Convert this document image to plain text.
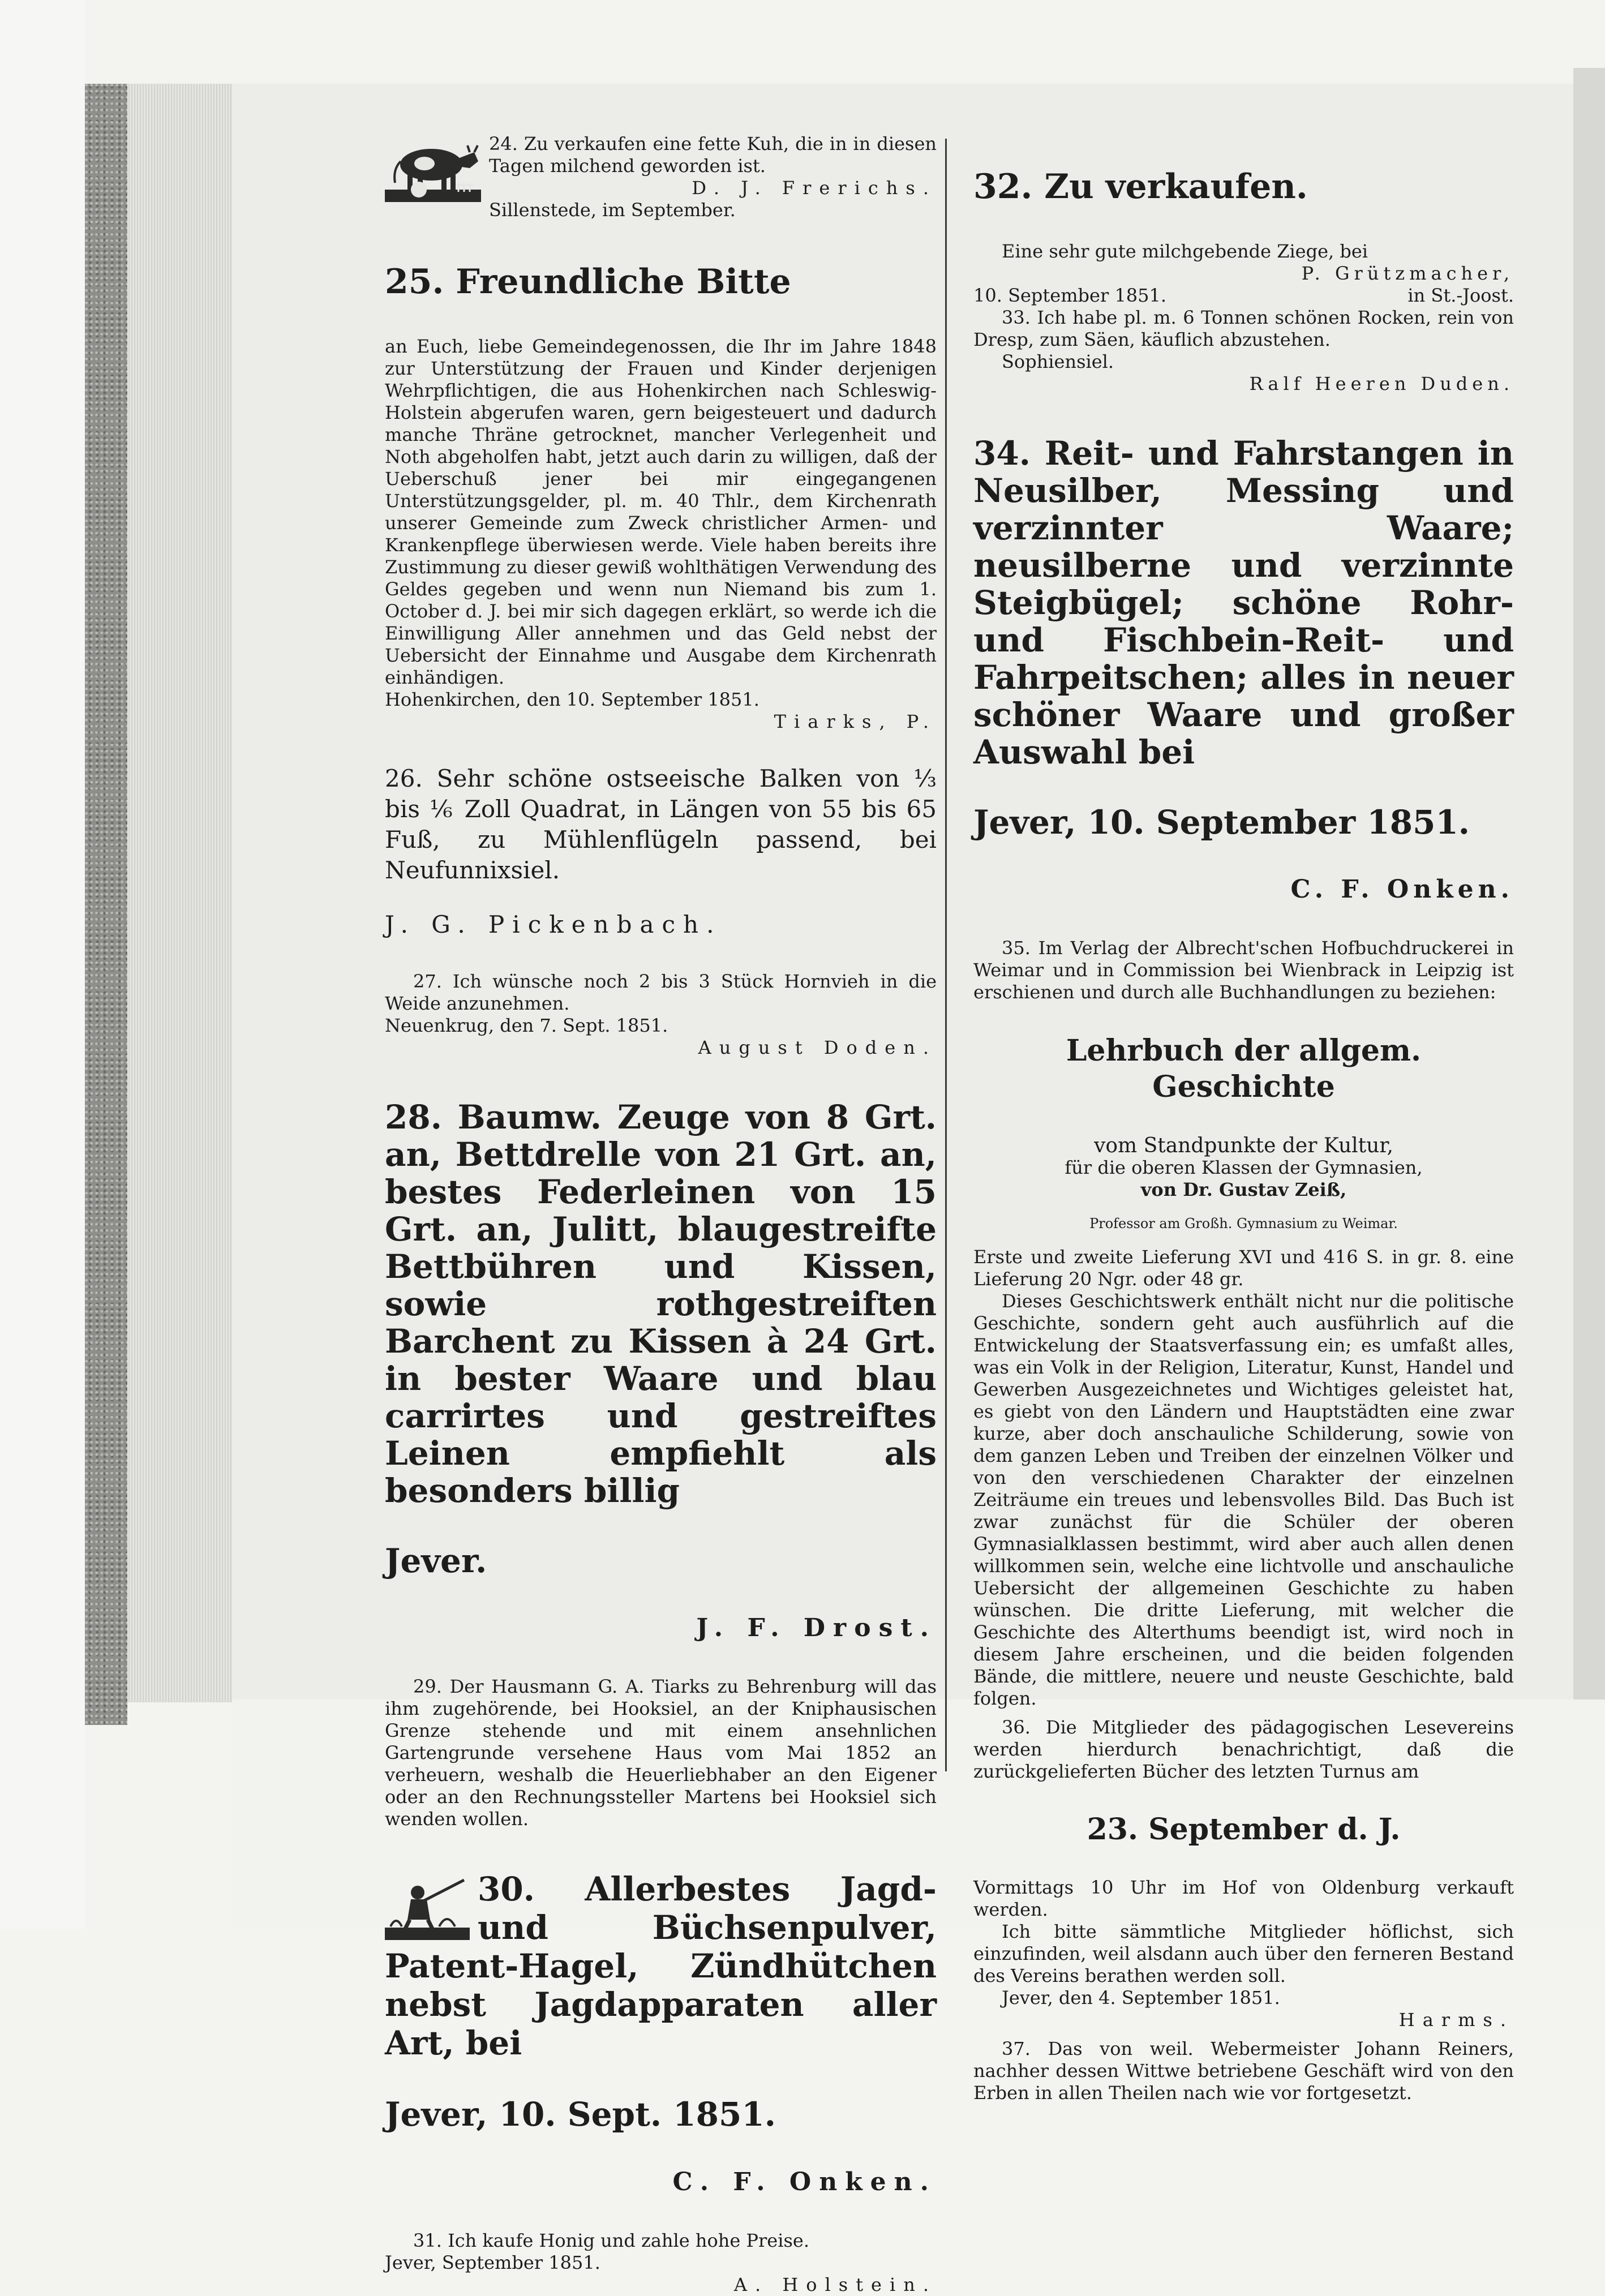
24. Zu verkaufen eine fette Kuh, die in in diesen Tagen milchend geworden ist.

D. J. Frerichs.

Sillenstede, im September.

25. Freundliche Bitte

an Euch, liebe Gemeindegenossen, die Ihr im Jahre 1848 zur Unterstützung der Frauen und Kinder derjenigen Wehrpflichtigen, die aus Hohenkirchen nach Schleswig-Holstein abgerufen waren, gern beigesteuert und dadurch manche Thräne getrocknet, mancher Verlegenheit und Noth abgeholfen habt, jetzt auch darin zu willigen, daß der Ueberschuß jener bei mir eingegangenen Unterstützungsgelder, pl. m. 40 Thlr., dem Kirchenrath unserer Gemeinde zum Zweck christlicher Armen- und Krankenpflege überwiesen werde. Viele haben bereits ihre Zustimmung zu dieser gewiß wohlthätigen Verwendung des Geldes gegeben und wenn nun Niemand bis zum 1. October d. J. bei mir sich dagegen erklärt, so werde ich die Einwilligung Aller annehmen und das Geld nebst der Uebersicht der Einnahme und Ausgabe dem Kirchenrath einhändigen.

Hohenkirchen, den 10. September 1851.

Tiarks, P.

26. Sehr schöne ostseeische Balken von ⅓ bis ⅙ Zoll Quadrat, in Längen von 55 bis 65 Fuß, zu Mühlenflügeln passend, bei Neufunnixsiel.

J. G. Pickenbach.

27. Ich wünsche noch 2 bis 3 Stück Hornvieh in die Weide anzunehmen.

Neuenkrug, den 7. Sept. 1851.

August Doden.

28. Baumw. Zeuge von 8 Grt. an, Bettdrelle von 21 Grt. an, bestes Federleinen von 15 Grt. an, Julitt, blaugestreifte Bettbühren und Kissen, sowie rothgestreiften Barchent zu Kissen à 24 Grt. in bester Waare und blau carrirtes und gestreiftes Leinen empfiehlt als besonders billig

Jever.

J. F. Drost.

29. Der Hausmann G. A. Tiarks zu Behrenburg will das ihm zugehörende, bei Hooksiel, an der Kniphausischen Grenze stehende und mit einem ansehnlichen Gartengrunde versehene Haus vom Mai 1852 an verheuern, weshalb die Heuerliebhaber an den Eigener oder an den Rechnungssteller Martens bei Hooksiel sich wenden wollen.

30. Allerbestes Jagd- und Büchsenpulver, Patent-Hagel, Zündhütchen nebst Jagdapparaten aller Art, bei

Jever, 10. Sept. 1851.

C. F. Onken.

31. Ich kaufe Honig und zahle hohe Preise.

Jever, September 1851.

A. Holstein.

32. Zu verkaufen.

Eine sehr gute milchgebende Ziege, bei

P. Grützmacher,

10. September 1851.	in St.-Joost.

33. Ich habe pl. m. 6 Tonnen schönen Rocken, rein von Dresp, zum Säen, käuflich abzustehen.

Sophiensiel.

Ralf Heeren Duden.

34. Reit- und Fahrstangen in Neusilber, Messing und verzinnter Waare; neusilberne und verzinnte Steigbügel; schöne Rohr- und Fischbein-Reit- und Fahrpeitschen; alles in neuer schöner Waare und großer Auswahl bei

Jever, 10. September 1851.

C. F. Onken.

35. Im Verlag der Albrecht'schen Hofbuchdruckerei in Weimar und in Commission bei Wienbrack in Leipzig ist erschienen und durch alle Buchhandlungen zu beziehen:

Lehrbuch der allgem. Geschichte

vom Standpunkte der Kultur,

für die oberen Klassen der Gymnasien,

von Dr. Gustav Zeiß,

Professor am Großh. Gymnasium zu Weimar.

Erste und zweite Lieferung XVI und 416 S. in gr. 8. eine Lieferung 20 Ngr. oder 48 gr.

Dieses Geschichtswerk enthält nicht nur die politische Geschichte, sondern geht auch ausführlich auf die Entwickelung der Staatsverfassung ein; es umfaßt alles, was ein Volk in der Religion, Literatur, Kunst, Handel und Gewerben Ausgezeichnetes und Wichtiges geleistet hat, es giebt von den Ländern und Hauptstädten eine zwar kurze, aber doch anschauliche Schilderung, sowie von dem ganzen Leben und Treiben der einzelnen Völker und von den verschiedenen Charakter der einzelnen Zeiträume ein treues und lebensvolles Bild. Das Buch ist zwar zunächst für die Schüler der oberen Gymnasialklassen bestimmt, wird aber auch allen denen willkommen sein, welche eine lichtvolle und anschauliche Uebersicht der allgemeinen Geschichte zu haben wünschen. Die dritte Lieferung, mit welcher die Geschichte des Alterthums beendigt ist, wird noch in diesem Jahre erscheinen, und die beiden folgenden Bände, die mittlere, neuere und neuste Geschichte, bald folgen.

36. Die Mitglieder des pädagogischen Lesevereins werden hierdurch benachrichtigt, daß die zurückgelieferten Bücher des letzten Turnus am

23. September d. J.

Vormittags 10 Uhr im Hof von Oldenburg verkauft werden.

Ich bitte sämmtliche Mitglieder höflichst, sich einzufinden, weil alsdann auch über den ferneren Bestand des Vereins berathen werden soll.

Jever, den 4. September 1851.

Harms.

37. Das von weil. Webermeister Johann Reiners, nachher dessen Wittwe betriebene Geschäft wird von den Erben in allen Theilen nach wie vor fortgesetzt.
